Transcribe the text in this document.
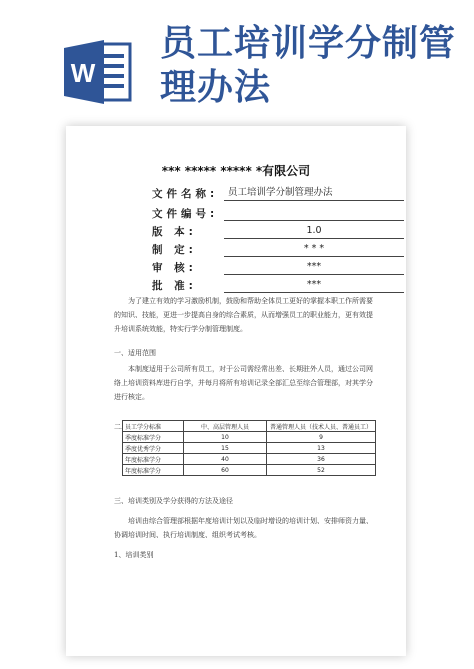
W
员工培训学分制管
理办法
*** ***** ***** *有限公司
文件名称:	员工培训学分制管理办法
文件编号:
版 本:	1.0
制 定:	* * *
审 核:	***
批 准:	***
为了建立有效的学习激励机制，鼓励和帮助全体员工更好的掌握本职工作所需要的知识、技能，更进一步提高自身的综合素质，从而增强员工的职业能力，更有效提升培训系统效能，特实行学分制管理制度。
一、适用范围
本制度适用于公司所有员工，对于公司需经常出差、长期驻外人员，通过公司网络上培训资料库进行自学，并每月将所有培训记录全部汇总至综合管理部，对其学分进行核定。
二、
员工学分标准	中、高层管理人员	普通管理人员（技术人员、普通员工）
季度标准学分	10	9
季度优秀学分	15	13
年度标准学分	40	36
年度标准学分	60	52
三、培训类别及学分获得的方法及途径
培训由综合管理部根据年度培训计划以及临时增设的培训计划、安排师资力量、协调培训时间、执行培训制度、组织考试考核。
1、培训类别
